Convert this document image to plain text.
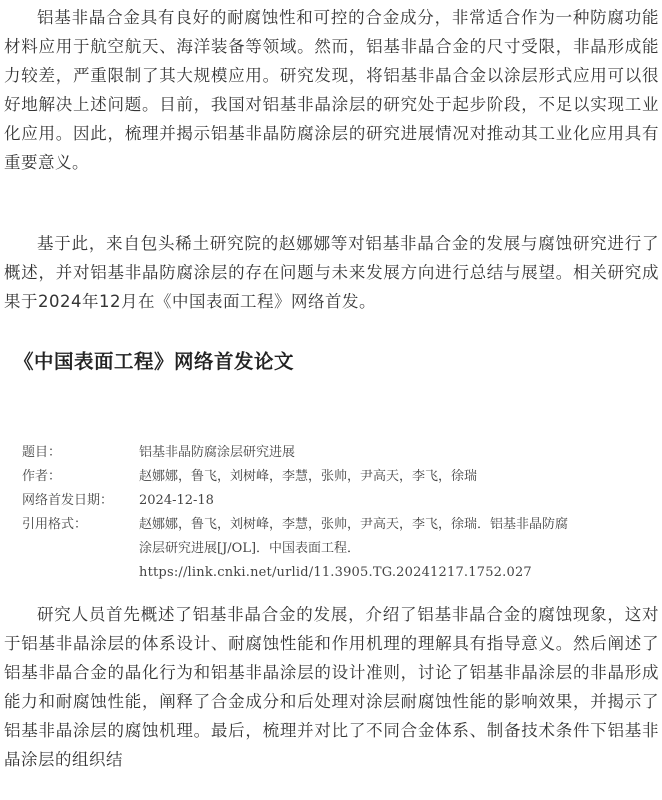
铝基非晶合金具有良好的耐腐蚀性和可控的合金成分，非常适合作为一种防腐功能材料应用于航空航天、海洋装备等领域。然而，铝基非晶合金的尺寸受限，非晶形成能力较差，严重限制了其大规模应用。研究发现，将铝基非晶合金以涂层形式应用可以很好地解决上述问题。目前，我国对铝基非晶涂层的研究处于起步阶段，不足以实现工业化应用。因此，梳理并揭示铝基非晶防腐涂层的研究进展情况对推动其工业化应用具有重要意义。

基于此，来自包头稀土研究院的赵娜娜等对铝基非晶合金的发展与腐蚀研究进行了概述，并对铝基非晶防腐涂层的存在问题与未来发展方向进行总结与展望。相关研究成果于2024年12月在《中国表面工程》网络首发。

《中国表面工程》网络首发论文
题目：	铝基非晶防腐涂层研究进展
作者：	赵娜娜，鲁飞，刘树峰，李慧，张帅，尹高天，李飞，徐瑞
网络首发日期：	2024-12-18
引用格式：	赵娜娜，鲁飞，刘树峰，李慧，张帅，尹高天，李飞，徐瑞．铝基非晶防腐
涂层研究进展[J/OL]．中国表面工程．
https://link.cnki.net/urlid/11.3905.TG.20241217.1752.027

研究人员首先概述了铝基非晶合金的发展，介绍了铝基非晶合金的腐蚀现象，这对于铝基非晶涂层的体系设计、耐腐蚀性能和作用机理的理解具有指导意义。然后阐述了铝基非晶合金的晶化行为和铝基非晶涂层的设计准则，讨论了铝基非晶涂层的非晶形成能力和耐腐蚀性能，阐释了合金成分和后处理对涂层耐腐蚀性能的影响效果，并揭示了铝基非晶涂层的腐蚀机理。最后，梳理并对比了不同合金体系、制备技术条件下铝基非晶涂层的组织结
